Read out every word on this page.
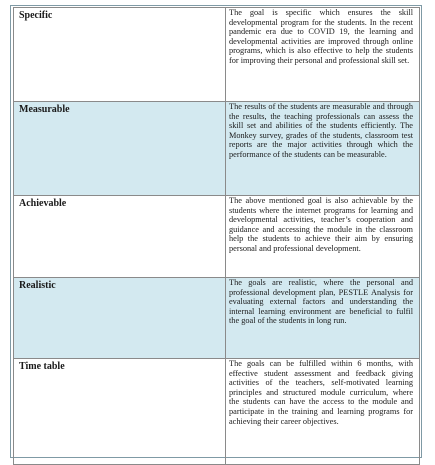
Specific	The goal is specific which ensures the skill developmental program for the students. In the recent pandemic era due to COVID 19, the learning and developmental activities are improved through online programs, which is also effective to help the students for improving their personal and professional skill set.
Measurable	The results of the students are measurable and through the results, the teaching professionals can assess the skill set and abilities of the students efficiently. The Monkey survey, grades of the students, classroom test reports are the major activities through which the performance of the students can be measurable.
Achievable	The above mentioned goal is also achievable by the students where the internet programs for learning and developmental activities, teacher’s cooperation and guidance and accessing the module in the classroom help the students to achieve their aim by ensuring personal and professional development.
Realistic	The goals are realistic, where the personal and professional development plan, PESTLE Analysis for evaluating external factors and understanding the internal learning environment are beneficial to fulfil the goal of the students in long run.
Time table	The goals can be fulfilled within 6 months, with effective student assessment and feedback giving activities of the teachers, self-motivated learning principles and structured module curriculum, where the students can have the access to the module and participate in the training and learning programs for achieving their career objectives.
